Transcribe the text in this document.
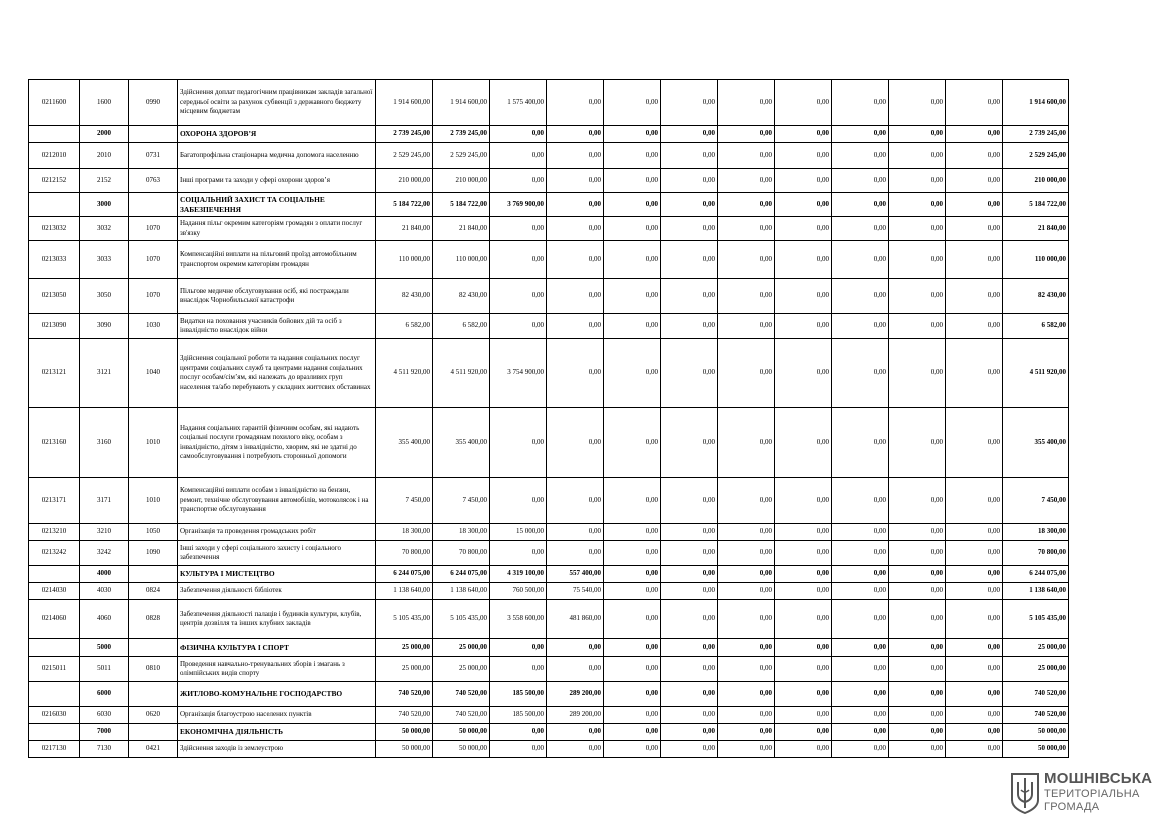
0211600	1600	0990	Здійснення доплат педагогічним працівникам закладів загальної середньої освіти за рахунок субвенції з державного бюджету місцевим бюджетам	1 914 600,00	1 914 600,00	1 575 400,00	0,00	0,00	0,00	0,00	0,00	0,00	0,00	0,00	1 914 600,00
	2000		ОХОРОНА ЗДОРОВ’Я	2 739 245,00	2 739 245,00	0,00	0,00	0,00	0,00	0,00	0,00	0,00	0,00	0,00	2 739 245,00
0212010	2010	0731	Багатопрофільна стаціонарна медична допомога населенню	2 529 245,00	2 529 245,00	0,00	0,00	0,00	0,00	0,00	0,00	0,00	0,00	0,00	2 529 245,00
0212152	2152	0763	Інші програми та заходи у сфері охорони здоров’я	210 000,00	210 000,00	0,00	0,00	0,00	0,00	0,00	0,00	0,00	0,00	0,00	210 000,00
	3000		СОЦІАЛЬНИЙ ЗАХИСТ ТА СОЦІАЛЬНЕ ЗАБЕЗПЕЧЕННЯ	5 184 722,00	5 184 722,00	3 769 900,00	0,00	0,00	0,00	0,00	0,00	0,00	0,00	0,00	5 184 722,00
0213032	3032	1070	Надання пільг окремим категоріям громадян з оплати послуг зв'язку	21 840,00	21 840,00	0,00	0,00	0,00	0,00	0,00	0,00	0,00	0,00	0,00	21 840,00
0213033	3033	1070	Компенсаційні виплати на пільговий проїзд автомобільним транспортом окремим категоріям громадян	110 000,00	110 000,00	0,00	0,00	0,00	0,00	0,00	0,00	0,00	0,00	0,00	110 000,00
0213050	3050	1070	Пільгове медичне обслуговування осіб, які постраждали внаслідок Чорнобильської катастрофи	82 430,00	82 430,00	0,00	0,00	0,00	0,00	0,00	0,00	0,00	0,00	0,00	82 430,00
0213090	3090	1030	Видатки на поховання учасників бойових дій та осіб з інвалідністю внаслідок війни	6 582,00	6 582,00	0,00	0,00	0,00	0,00	0,00	0,00	0,00	0,00	0,00	6 582,00
0213121	3121	1040	Здійснення соціальної роботи та надання соціальних послуг центрами соціальних служб та центрами надання соціальних послуг особам/сім’ям, які належать до вразливих груп населення та/або перебувають у складних життєвих обставинах	4 511 920,00	4 511 920,00	3 754 900,00	0,00	0,00	0,00	0,00	0,00	0,00	0,00	0,00	4 511 920,00
0213160	3160	1010	Надання соціальних гарантій фізичним особам, які надають соціальні послуги громадянам похилого віку, особам з інвалідністю, дітям з інвалідністю, хворим, які не здатні до самообслуговування і потребують сторонньої допомоги	355 400,00	355 400,00	0,00	0,00	0,00	0,00	0,00	0,00	0,00	0,00	0,00	355 400,00
0213171	3171	1010	Компенсаційні виплати особам з інвалідністю на бензин, ремонт, технічне обслуговування автомобілів, мотоколясок і на транспортне обслуговування	7 450,00	7 450,00	0,00	0,00	0,00	0,00	0,00	0,00	0,00	0,00	0,00	7 450,00
0213210	3210	1050	Організація та проведення громадських робіт	18 300,00	18 300,00	15 000,00	0,00	0,00	0,00	0,00	0,00	0,00	0,00	0,00	18 300,00
0213242	3242	1090	Інші заходи у сфері соціального захисту і соціального забезпечення	70 800,00	70 800,00	0,00	0,00	0,00	0,00	0,00	0,00	0,00	0,00	0,00	70 800,00
	4000		КУЛЬТУРА І МИСТЕЦТВО	6 244 075,00	6 244 075,00	4 319 100,00	557 400,00	0,00	0,00	0,00	0,00	0,00	0,00	0,00	6 244 075,00
0214030	4030	0824	Забезпечення діяльності бібліотек	1 138 640,00	1 138 640,00	760 500,00	75 540,00	0,00	0,00	0,00	0,00	0,00	0,00	0,00	1 138 640,00
0214060	4060	0828	Забезпечення діяльності палаців і будинків культури, клубів, центрів дозвілля та інших клубних закладів	5 105 435,00	5 105 435,00	3 558 600,00	481 860,00	0,00	0,00	0,00	0,00	0,00	0,00	0,00	5 105 435,00
	5000		ФІЗИЧНА КУЛЬТУРА І СПОРТ	25 000,00	25 000,00	0,00	0,00	0,00	0,00	0,00	0,00	0,00	0,00	0,00	25 000,00
0215011	5011	0810	Проведення навчально-тренувальних зборів і змагань з олімпійських видів спорту	25 000,00	25 000,00	0,00	0,00	0,00	0,00	0,00	0,00	0,00	0,00	0,00	25 000,00
	6000		ЖИТЛОВО-КОМУНАЛЬНЕ ГОСПОДАРСТВО	740 520,00	740 520,00	185 500,00	289 200,00	0,00	0,00	0,00	0,00	0,00	0,00	0,00	740 520,00
0216030	6030	0620	Організація благоустрою населених пунктів	740 520,00	740 520,00	185 500,00	289 200,00	0,00	0,00	0,00	0,00	0,00	0,00	0,00	740 520,00
	7000		ЕКОНОМІЧНА ДІЯЛЬНІСТЬ	50 000,00	50 000,00	0,00	0,00	0,00	0,00	0,00	0,00	0,00	0,00	0,00	50 000,00
0217130	7130	0421	Здійснення заходів із землеустрою	50 000,00	50 000,00	0,00	0,00	0,00	0,00	0,00	0,00	0,00	0,00	0,00	50 000,00
МОШНІВСЬКА
ТЕРИТОРІАЛЬНА
ГРОМАДА
